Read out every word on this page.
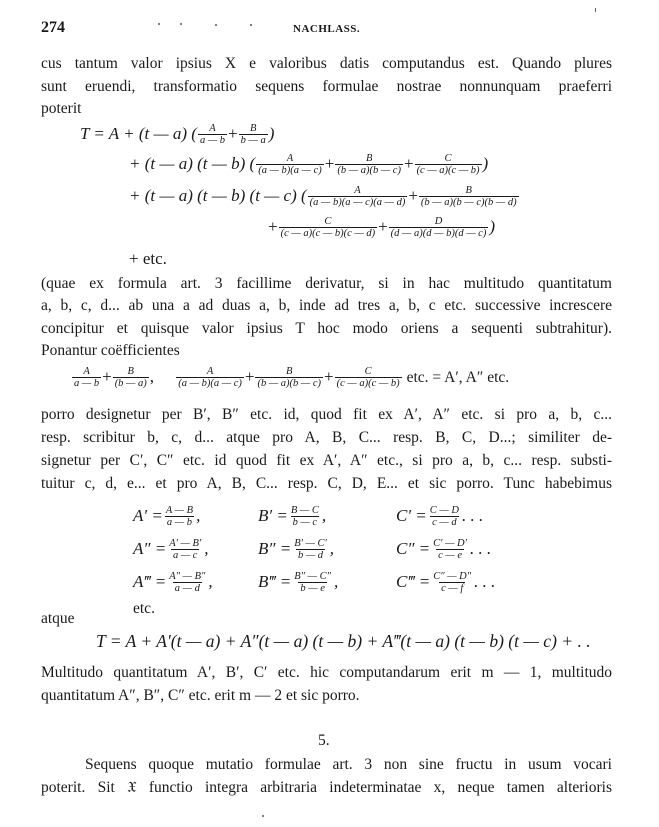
274	NACHLASS.
cus tantum valor ipsius X e valoribus datis computandus est. Quando plures
sunt eruendi, transformatio sequens formulae nostrae nonnunquam praeferri
poterit
T = A + (t — a) ( $\frac{A}{a — b} + \frac{B}{b — a}$ )
+ (t — a) (t — b) ( $\frac{A}{(a — b)(a — c)} + \frac{B}{(b — a)(b — c)} + \frac{C}{(c — a)(c — b)}$ )
+ (t — a) (t — b) (t — c) ( $\frac{A}{(a — b)(a — c)(a — d)} + \frac{B}{(b — a)(b — c)(b — d)}$
+ $\frac{C}{(c — a)(c — b)(c — d)} + \frac{D}{(d — a)(d — b)(d — c)}$ )
+ etc.
(quae ex formula art. 3 facillime derivatur, si in hac multitudo quantitatum
a, b, c, d... ab una a ad duas a, b, inde ad tres a, b, c etc. successive increscere
concipitur et quisque valor ipsius T hoc modo oriens a sequenti subtrahitur).
Ponantur coëfficientes
$\frac{A}{a — b} + \frac{B}{(b — a)}$ , $\frac{A}{(a — b)(a — c)} + \frac{B}{(b — a)(b — c)} + \frac{C}{(c — a)(c — b)}$ etc. = A′, A″ etc.
porro designetur per B′, B″ etc. id, quod fit ex A′, A″ etc. si pro a, b, c...
resp. scribitur b, c, d... atque pro A, B, C... resp. B, C, D...; similiter de-
signetur per C′, C″ etc. id quod fit ex A′, A″ etc., si pro a, b, c... resp. substi-
tuitur c, d, e... et pro A, B, C... resp. C, D, E... et sic porro. Tunc habebimus
$A' = \frac{A — B}{a — b}$ ,	$B' = \frac{B — C}{b — c}$ ,	$C' = \frac{C — D}{c — d}$ . . .
$A'' = \frac{A' — B'}{a — c}$ ,	$B'' = \frac{B' — C'}{b — d}$ ,	$C'' = \frac{C' — D'}{c — e}$ . . .
A‴ = $\frac{A'' — B''}{a — d}$ ,	B‴ = $\frac{B'' — C''}{b — e}$ ,	C‴ = $\frac{C'' — D''}{c — f}$ . . .
etc.
atque
T = A + A′(t — a) + A″(t — a) (t — b) + A‴(t — a) (t — b) (t — c) + . .
Multitudo quantitatum A′, B′, C′ etc. hic computandarum erit m — 1, multitudo
quantitatum A″, B″, C″ etc. erit m — 2 et sic porro.
5.
Sequens quoque mutatio formulae art. 3 non sine fructu in usum vocari
poterit. Sit 𝔛 functio integra arbitraria indeterminatae x, neque tamen alterioris
